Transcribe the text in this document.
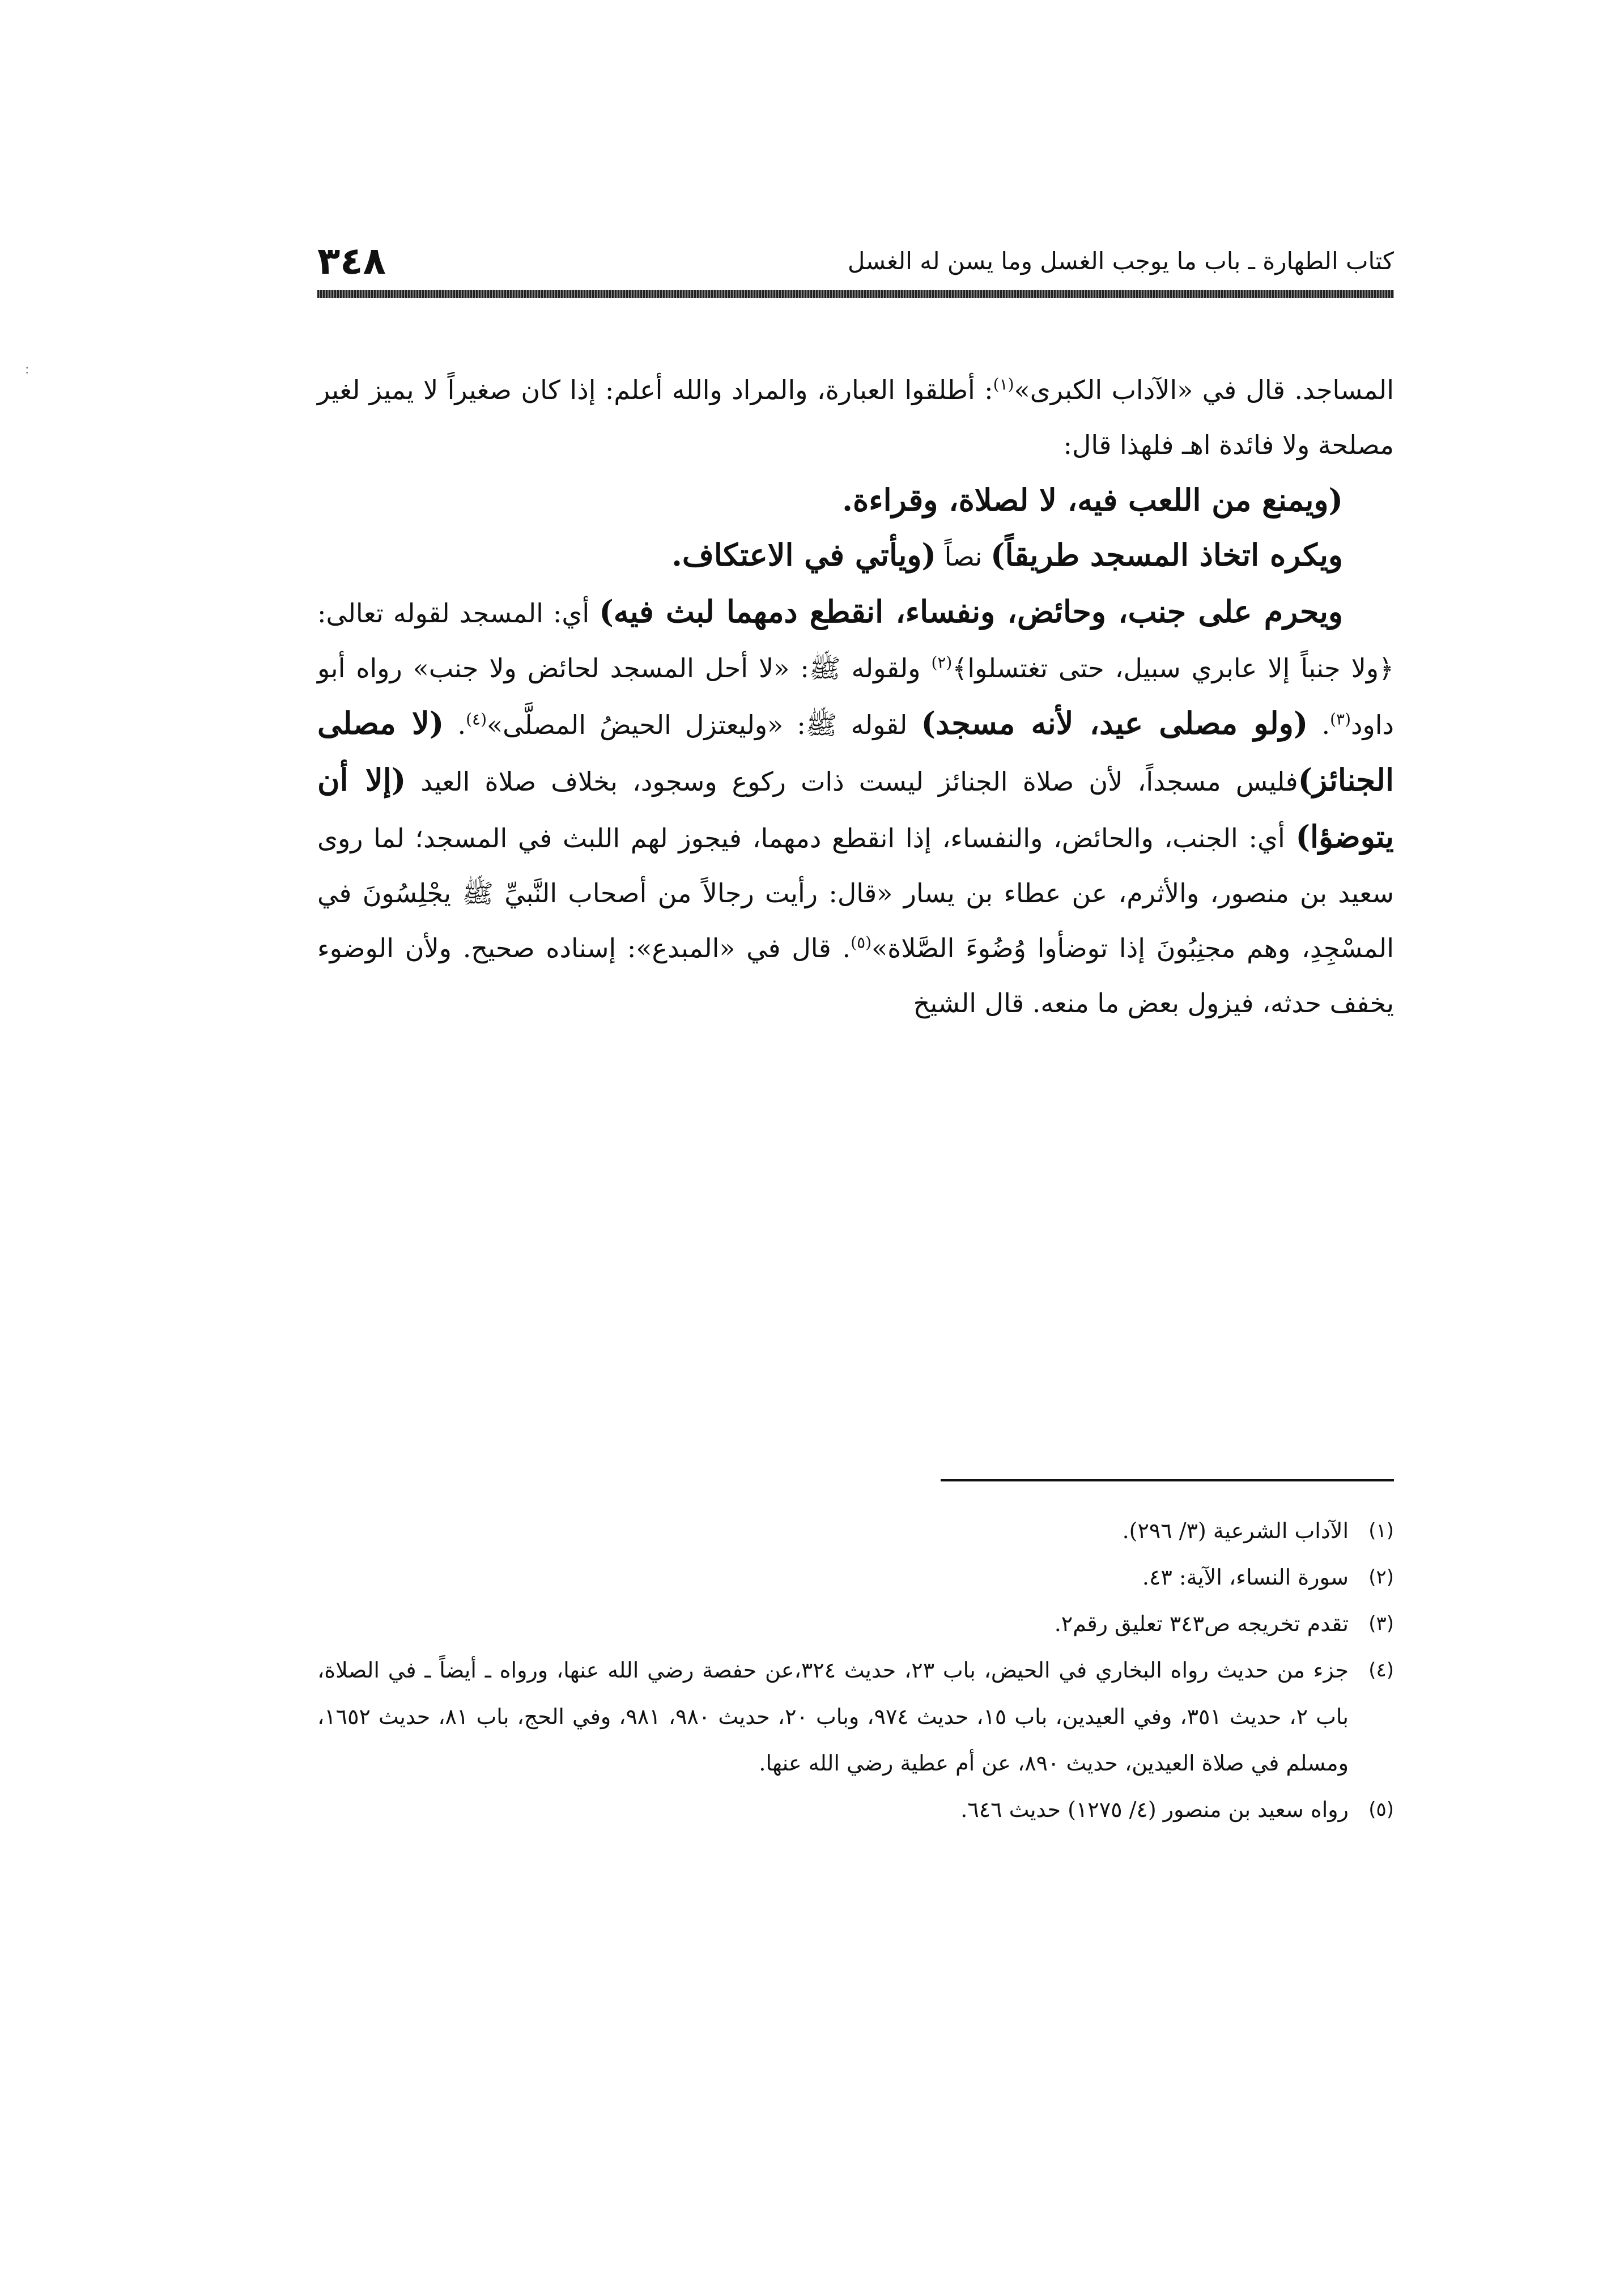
:
كتاب الطهارة ـ باب ما يوجب الغسل وما يسن له الغسل
٣٤٨

المساجد. قال في «الآداب الكبرى»$^{(١)}$: أطلقوا العبارة، والمراد والله أعلم: إذا كان صغيراً لا يميز لغير مصلحة ولا فائدة اهـ فلهذا قال:

(ويمنع من اللعب فيه، لا لصلاة، وقراءة.

ويكره اتخاذ المسجد طريقاً) نصاً (ويأتي في الاعتكاف.

ويحرم على جنب، وحائض، ونفساء، انقطع دمهما لبث فيه) أي: المسجد لقوله تعالى: ﴿ولا جنباً إلا عابري سبيل، حتى تغتسلوا﴾$^{(٢)}$ ولقوله ﷺ: «لا أحل المسجد لحائض ولا جنب» رواه أبو داود$^{(٣)}$. (ولو مصلى عيد، لأنه مسجد) لقوله ﷺ: «وليعتزل الحيضُ المصلَّى»$^{(٤)}$. (لا مصلى الجنائز)فليس مسجداً، لأن صلاة الجنائز ليست ذات ركوع وسجود، بخلاف صلاة العيد (إلا أن يتوضؤا) أي: الجنب، والحائض، والنفساء، إذا انقطع دمهما، فيجوز لهم اللبث في المسجد؛ لما روى سعيد بن منصور، والأثرم، عن عطاء بن يسار «قال: رأيت رجالاً من أصحاب النَّبيِّ ﷺ يجْلِسُونَ في المسْجِدِ، وهم مجنِبُونَ إذا توضأوا وُضُوءَ الصَّلاة»$^{(٥)}$. قال في «المبدع»: إسناده صحيح. ولأن الوضوء يخفف حدثه، فيزول بعض ما منعه. قال الشيخ

(١)
الآداب الشرعية (٣/ ٢٩٦).
(٢)
سورة النساء، الآية: ٤٣.
(٣)
تقدم تخريجه ص٣٤٣ تعليق رقم٢.
(٤)
جزء من حديث رواه البخاري في الحيض، باب ٢٣، حديث ٣٢٤،عن حفصة رضي الله عنها، ورواه ـ أيضاً ـ في الصلاة، باب ٢، حديث ٣٥١، وفي العيدين، باب ١٥، حديث ٩٧٤، وباب ٢٠، حديث ٩٨٠، ٩٨١، وفي الحج، باب ٨١، حديث ١٦٥٢، ومسلم في صلاة العيدين، حديث ٨٩٠، عن أم عطية رضي الله عنها.
(٥)
رواه سعيد بن منصور (٤/ ١٢٧٥) حديث ٦٤٦.
